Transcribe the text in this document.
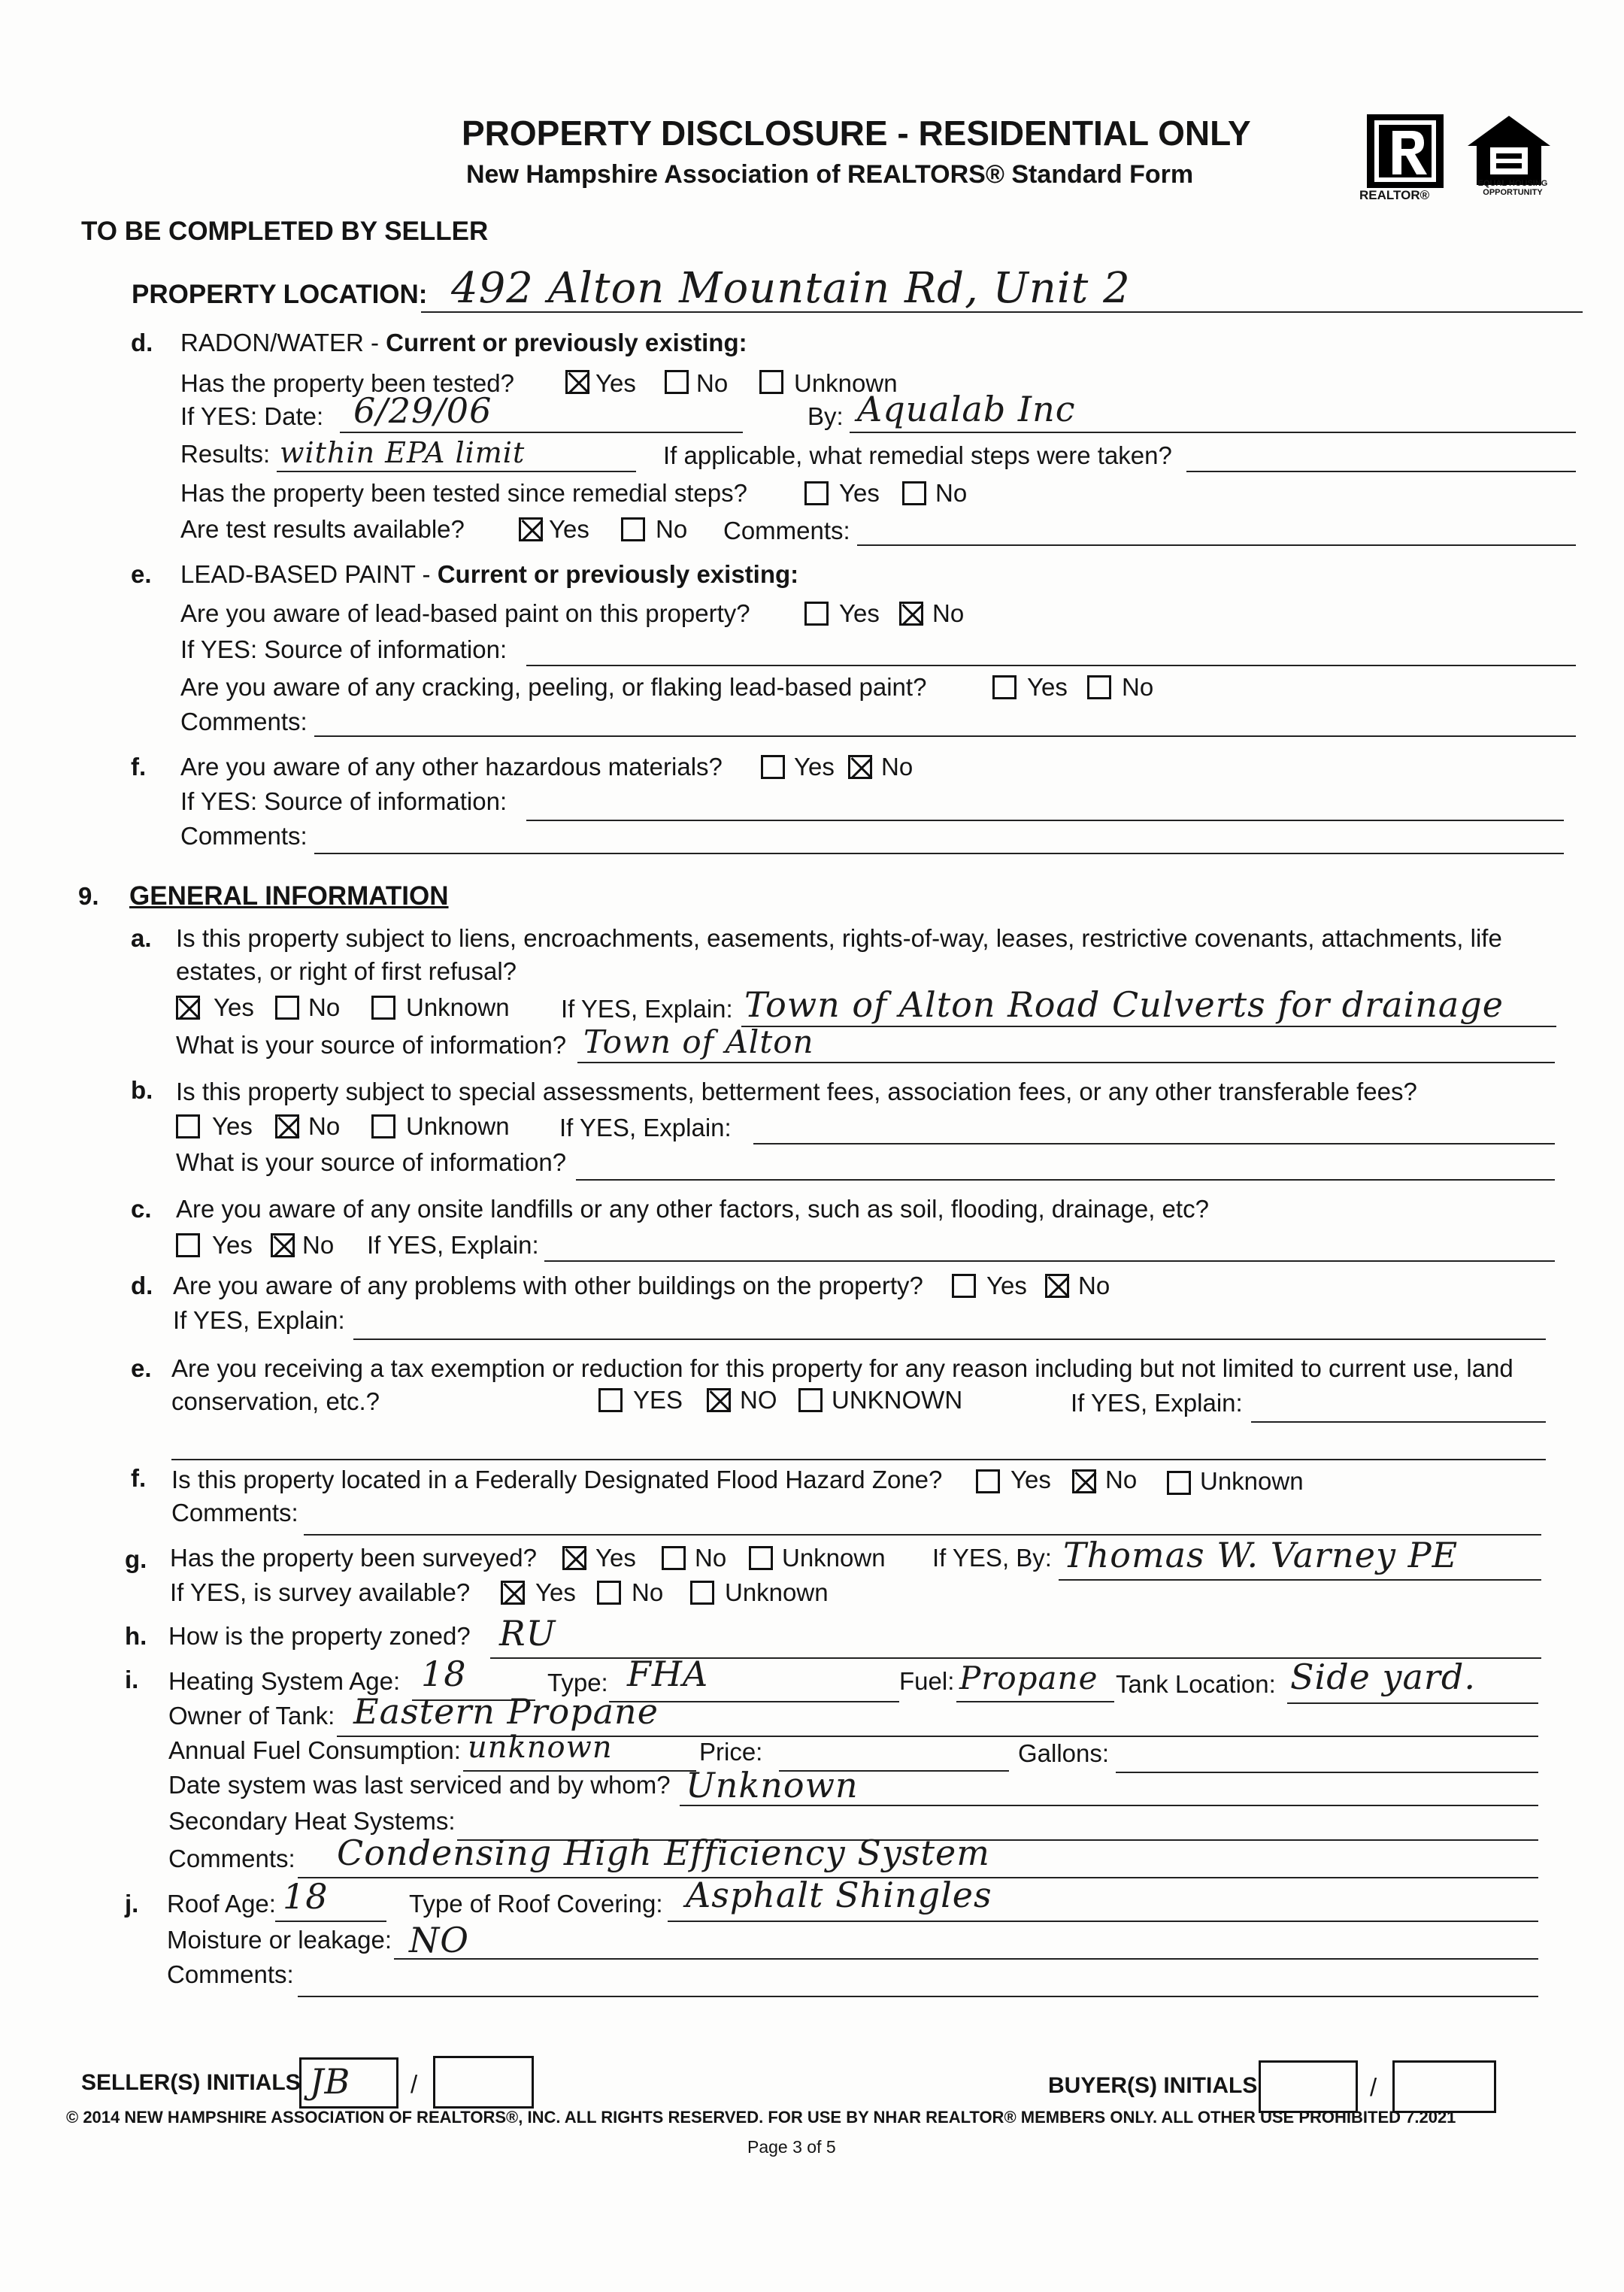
PROPERTY DISCLOSURE - RESIDENTIAL ONLY
New Hampshire Association of REALTORS® Standard Form
REALTOR®
EQUAL HOUSING OPPORTUNITY
TO BE COMPLETED BY SELLER
PROPERTY LOCATION: 492 Alton Mountain Rd, Unit 2
d. RADON/WATER - Current or previously existing:
Has the property been tested?	Yes No	Unknown
If YES: Date: 6/29/06	By: Aqualab Inc
Results: within EPA limit	If applicable, what remedial steps were taken?
Has the property been tested since remedial steps?	Yes No
Are test results available?	Yes	No Comments:
e. LEAD-BASED PAINT - Current or previously existing:
Are you aware of lead-based paint on this property?	Yes No
If YES: Source of information:
Are you aware of any cracking, peeling, or flaking lead-based paint?	Yes No
Comments:
f. Are you aware of any other hazardous materials?	Yes No
If YES: Source of information:
Comments:
9. GENERAL INFORMATION
a. Is this property subject to liens, encroachments, easements, rights-of-way, leases, restrictive covenants, attachments, life
estates, or right of first refusal?
Yes No	Unknown If YES, Explain: Town of Alton Road Culverts for drainage
What is your source of information? Town of Alton
b. Is this property subject to special assessments, betterment fees, association fees, or any other transferable fees?
Yes No	Unknown If YES, Explain:
What is your source of information?
c. Are you aware of any onsite landfills or any other factors, such as soil, flooding, drainage, etc?
Yes No If YES, Explain:
d. Are you aware of any problems with other buildings on the property?	Yes No
If YES, Explain:
e. Are you receiving a tax exemption or reduction for this property for any reason including but not limited to current use, land
conservation, etc.?	YES NO UNKNOWN	If YES, Explain:
f. Is this property located in a Federally Designated Flood Hazard Zone?	Yes No	Unknown
Comments:
g. Has the property been surveyed? Yes No Unknown If YES, By: Thomas W. Varney PE
If YES, is survey available?	Yes No Unknown
h. How is the property zoned? RU
i. Heating System Age: 18	Type: FHA	Fuel: Propane Tank Location: Side yard.
Owner of Tank: Eastern Propane
Annual Fuel Consumption: unknown	Price:	Gallons:
Date system was last serviced and by whom? Unknown
Secondary Heat Systems:
Comments: Condensing High Efficiency System
j. Roof Age: 18	Type of Roof Covering: Asphalt Shingles
Moisture or leakage: NO
Comments:
SELLER(S) INITIALS JB /	BUYER(S) INITIALS	/
© 2014 NEW HAMPSHIRE ASSOCIATION OF REALTORS®, INC. ALL RIGHTS RESERVED. FOR USE BY NHAR REALTOR® MEMBERS ONLY. ALL OTHER USE PROHIBITED 7.2021
Page 3 of 5
